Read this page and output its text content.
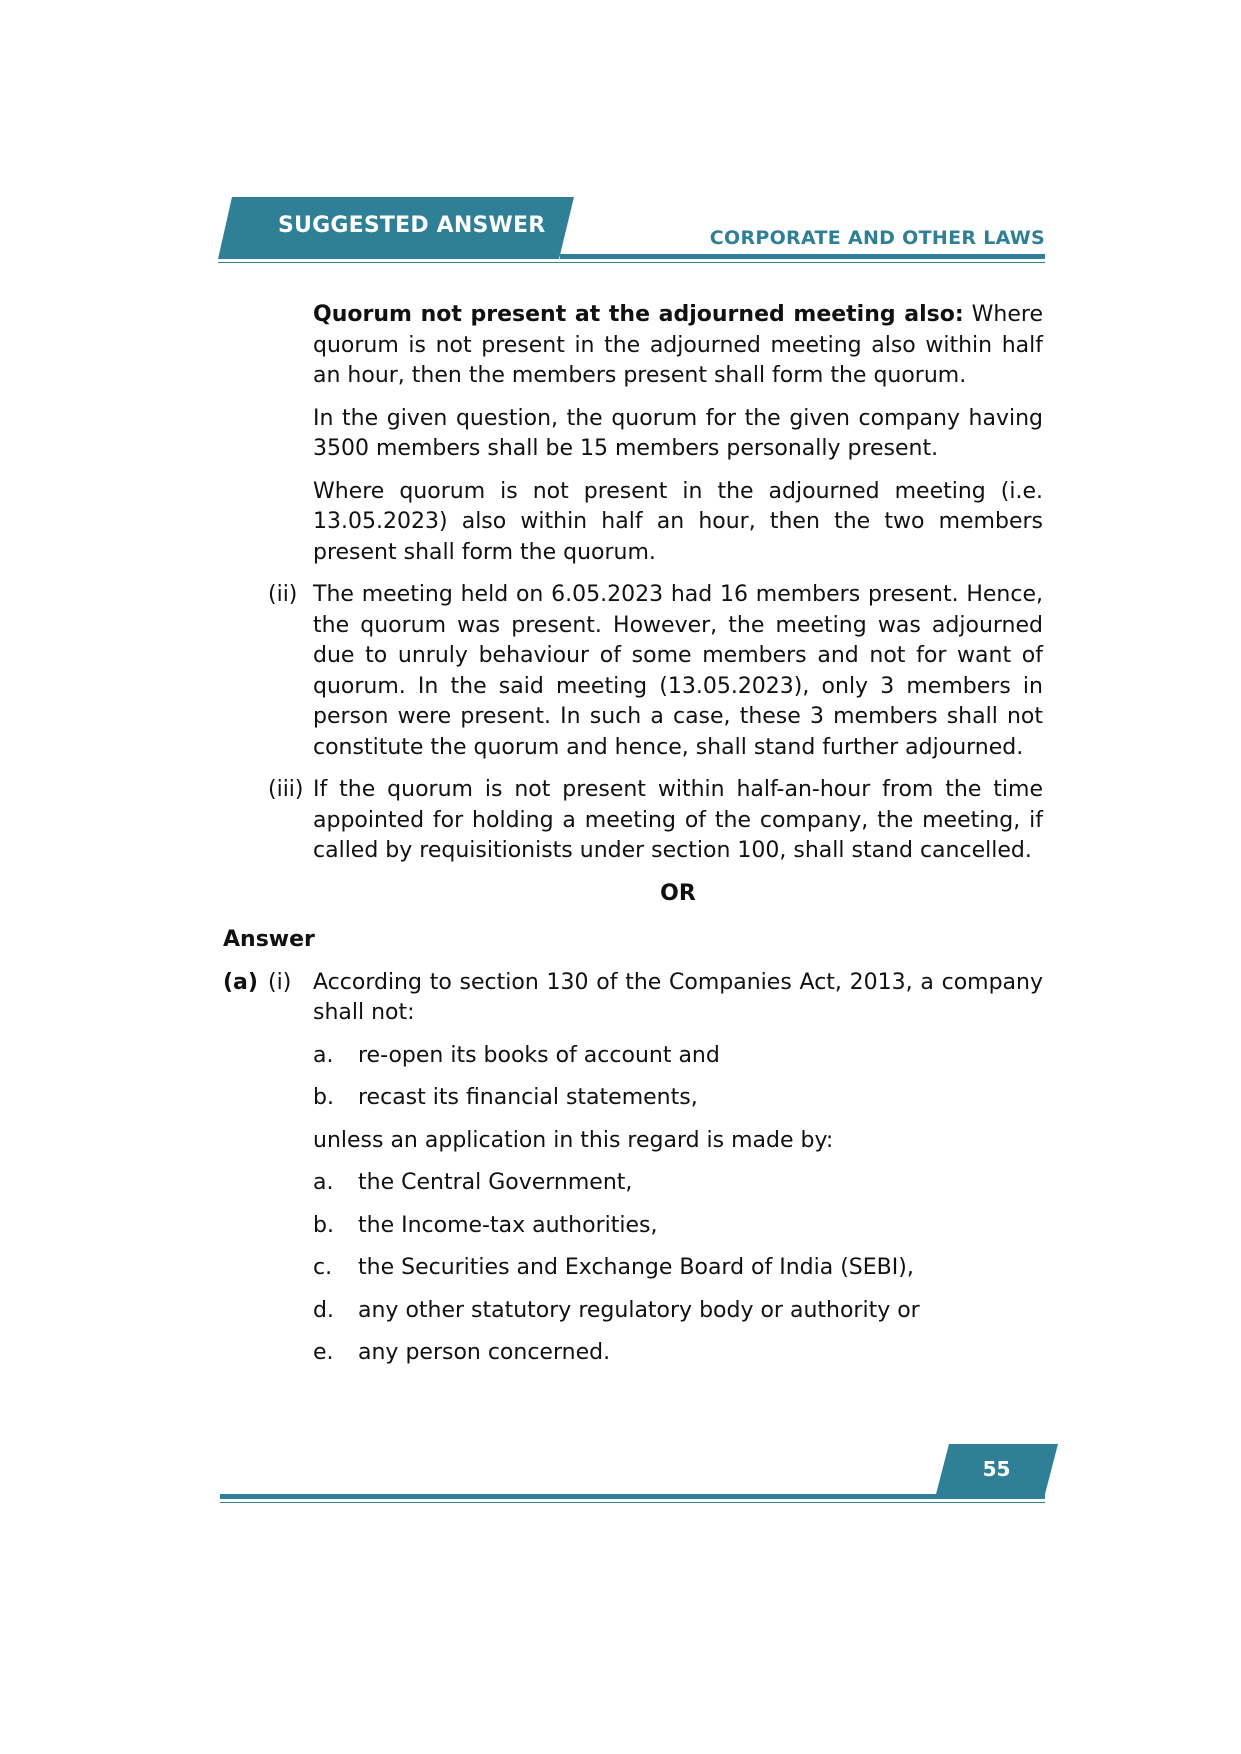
SUGGESTED ANSWER	CORPORATE AND OTHER LAWS

Quorum not present at the adjourned meeting also: Where quorum is not present in the adjourned meeting also within half an hour, then the members present shall form the quorum.

In the given question, the quorum for the given company having 3500 members shall be 15 members personally present.

Where quorum is not present in the adjourned meeting (i.e. 13.05.2023) also within half an hour, then the two members present shall form the quorum.

(ii) The meeting held on 6.05.2023 had 16 members present. Hence, the quorum was present. However, the meeting was adjourned due to unruly behaviour of some members and not for want of quorum. In the said meeting (13.05.2023), only 3 members in person were present. In such a case, these 3 members shall not constitute the quorum and hence, shall stand further adjourned.
(iii) If the quorum is not present within half-an-hour from the time appointed for holding a meeting of the company, the meeting, if called by requisitionists under section 100, shall stand cancelled.
OR
Answer
(a) (i) According to section 130 of the Companies Act, 2013, a company shall not:
a.	re-open its books of account and
b.	recast its financial statements,

unless an application in this regard is made by:

a.	the Central Government,
b.	the Income-tax authorities,
c.	the Securities and Exchange Board of India (SEBI),
d.	any other statutory regulatory body or authority or
e.	any person concerned.
55
